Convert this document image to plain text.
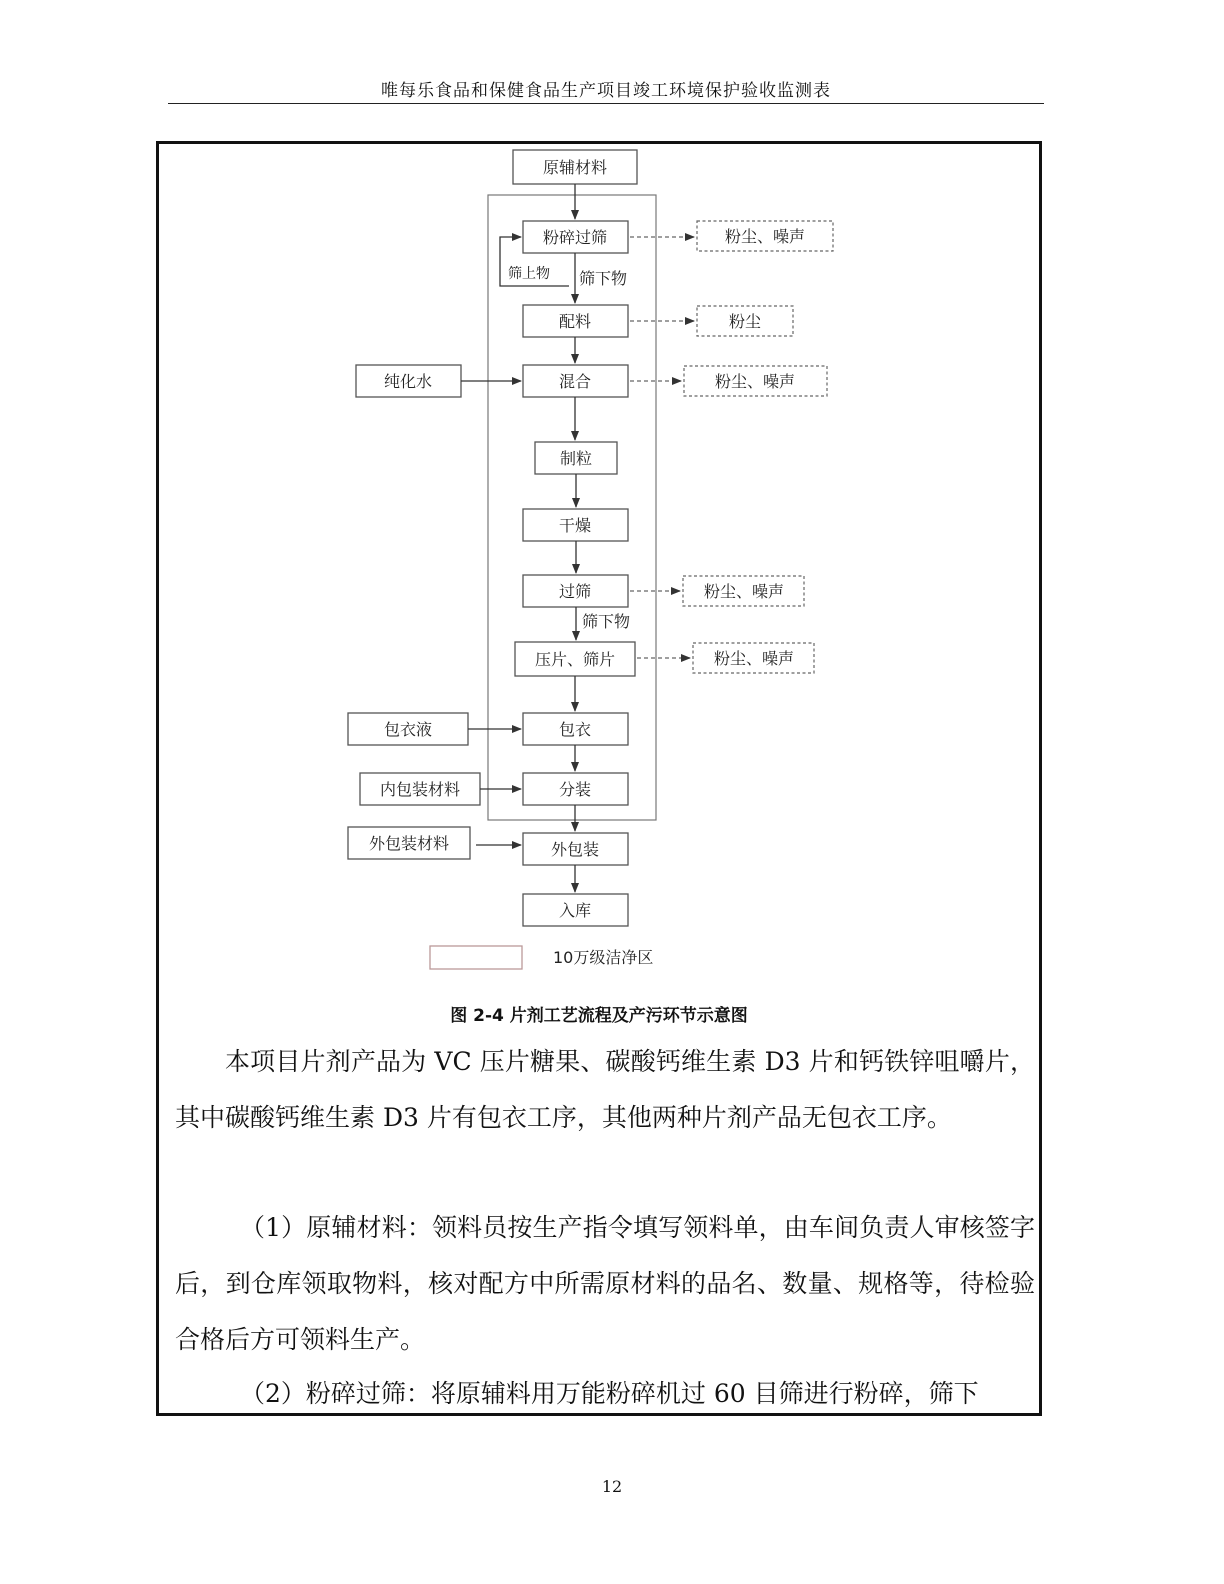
唯每乐食品和保健食品生产项目竣工环境保护验收监测表
原辅材料
粉碎过筛
配料
混合
制粒
干燥
过筛
压片、筛片
包衣
分装
外包装
入库
筛上物 筛下物
筛下物
纯化水
包衣液
内包装材料
外包装材料
粉尘、噪声
粉尘
粉尘、噪声
粉尘、噪声
粉尘、噪声
10万级洁净区
图 2-4 片剂工艺流程及产污环节示意图

本项目片剂产品为 VC 压片糖果、碳酸钙维生素 D3 片和钙铁锌咀嚼片，其中碳酸钙维生素 D3 片有包衣工序，其他两种片剂产品无包衣工序。

（1）原辅材料：领料员按生产指令填写领料单，由车间负责人审核签字后，到仓库领取物料，核对配方中所需原材料的品名、数量、规格等，待检验合格后方可领料生产。

（2）粉碎过筛：将原辅料用万能粉碎机过 60 目筛进行粉碎，筛下

12
